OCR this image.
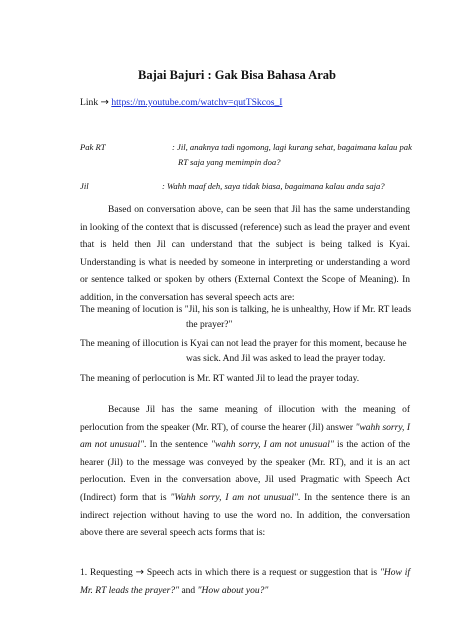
Bajai Bajuri : Gak Bisa Bahasa Arab
Link → https://m.youtube.com/watchv=qutTSkcos_I
Pak RT	: Jil, anaknya tadi ngomong, lagi kurang sehat, bagaimana kalau pak
RT saja yang memimpin doa?
Jil	: Wahh maaf deh, saya tidak biasa, bagaimana kalau anda saja?

Based on conversation above, can be seen that Jil has the same understanding in looking of the context that is discussed (reference) such as lead the prayer and event that is held then Jil can understand that the subject is being talked is Kyai. Understanding is what is needed by someone in interpreting or understanding a word or sentence talked or spoken by others (External Context the Scope of Meaning). In addition, in the conversation has several speech acts are:

The meaning of locution is "Jil, his son is talking, he is unhealthy, How if Mr. RT leads
the prayer?"
The meaning of illocution is Kyai can not lead the prayer for this moment, because he
was sick. And Jil was asked to lead the prayer today.
The meaning of perlocution is Mr. RT wanted Jil to lead the prayer today.

Because Jil has the same meaning of illocution with the meaning of perlocution from the speaker (Mr. RT), of course the hearer (Jil) answer "wahh sorry, I am not unusual". In the sentence "wahh sorry, I am not unusual" is the action of the hearer (Jil) to the message was conveyed by the speaker (Mr. RT), and it is an act perlocution. Even in the conversation above, Jil used Pragmatic with Speech Act (Indirect) form that is "Wahh sorry, I am not unusual". In the sentence there is an indirect rejection without having to use the word no. In addition, the conversation above there are several speech acts forms that is:

1. Requesting → Speech acts in which there is a request or suggestion that is "How if Mr. RT leads the prayer?" and "How about you?"
